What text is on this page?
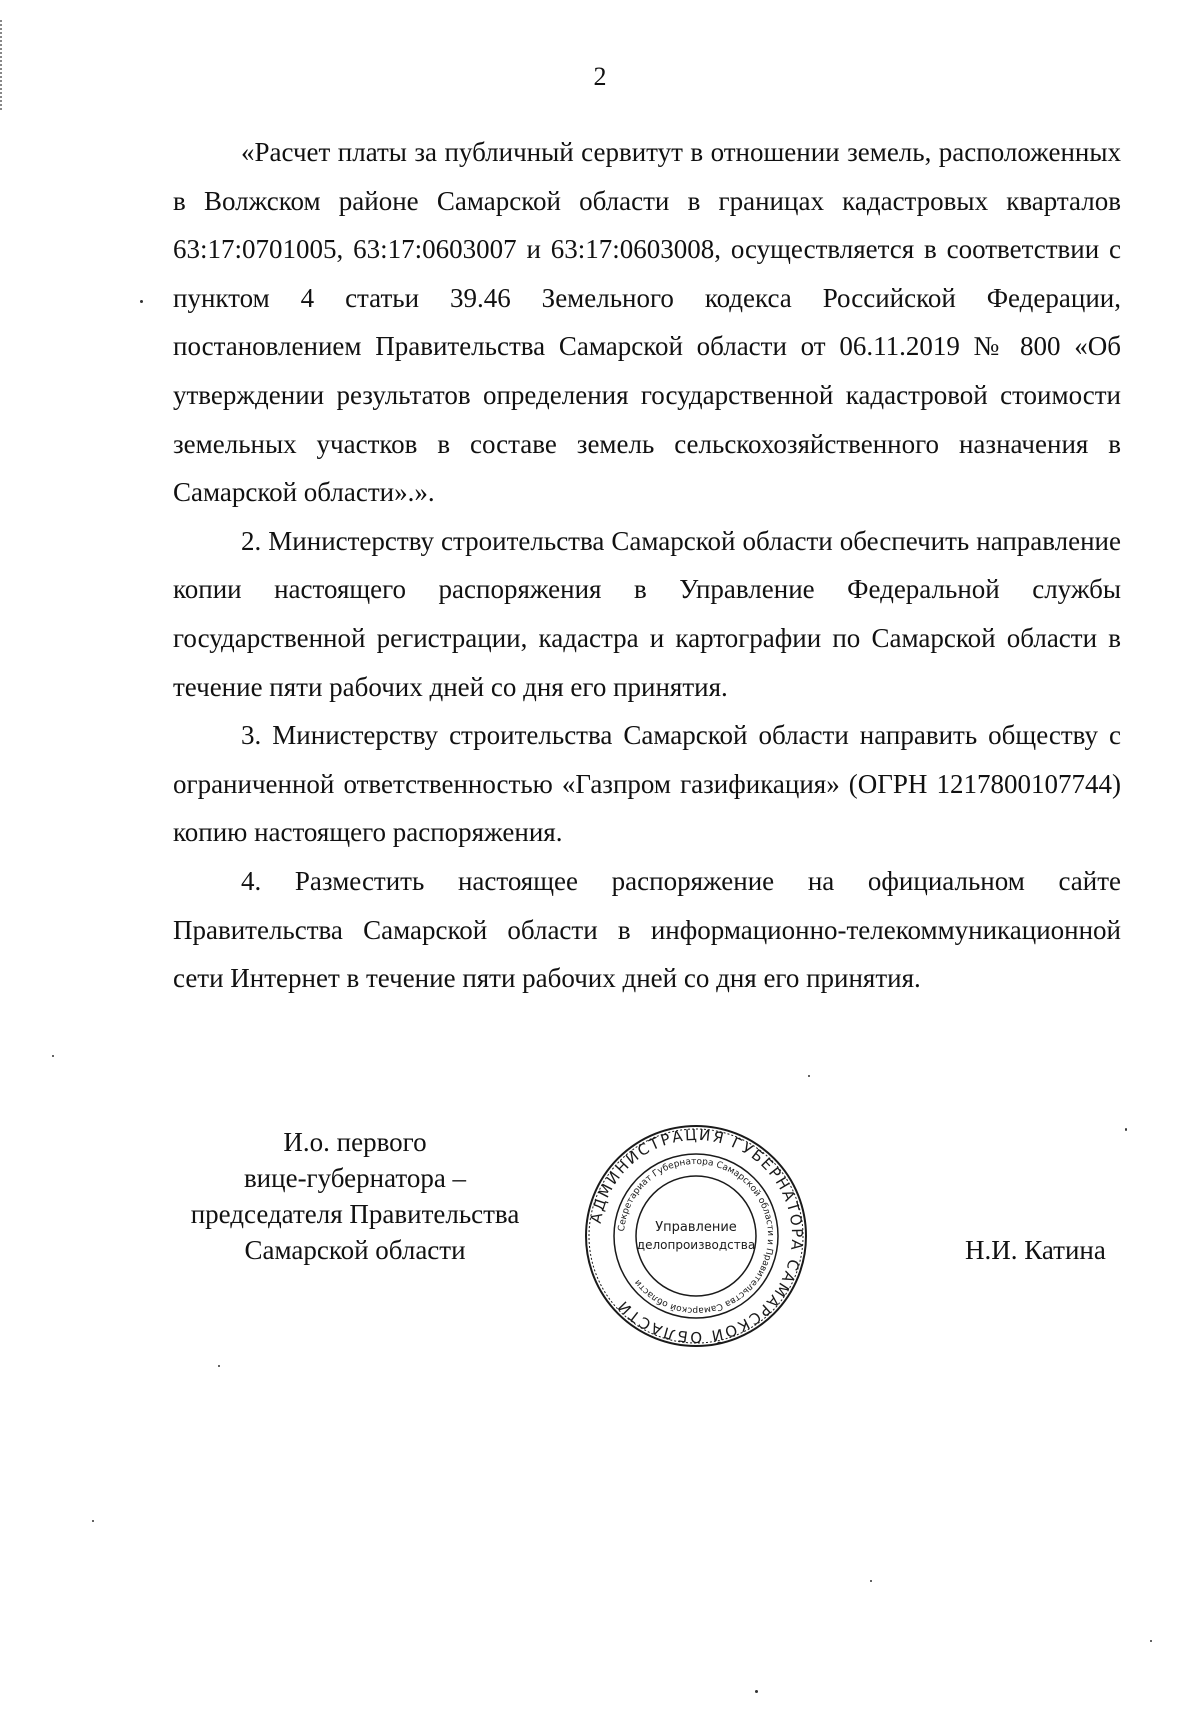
2

«Расчет платы за публичный сервитут в отношении земель, расположенных в Волжском районе Самарской области в границах кадастровых кварталов 63:17:0701005, 63:17:0603007 и 63:17:0603008, осуществляется в соответствии с пунктом 4 статьи 39.46 Земельного кодекса Российской Федерации, постановлением Правительства Самарской области от 06.11.2019 № 800 «Об утверждении результатов определения государственной кадастровой стоимости земельных участков в составе земель сельскохозяйственного назначения в Самарской области».».

2. Министерству строительства Самарской области обеспечить направление копии настоящего распоряжения в Управление Федеральной службы государственной регистрации, кадастра и картографии по Самарской области в течение пяти рабочих дней со дня его принятия.

3. Министерству строительства Самарской области направить обществу с ограниченной ответственностью «Газпром газификация» (ОГРН 1217800107744) копию настоящего распоряжения.

4. Разместить настоящее распоряжение на официальном сайте Правительства Самарской области в информационно-телекоммуникационной сети Интернет в течение пяти рабочих дней со дня его принятия.

И.о. первого
вице-губернатора –
председателя Правительства
Самарской области	Н.И. Катина
АДМИНИСТРАЦИЯ ГУБЕРНАТОРА САМАРСКОЙ ОБЛАСТИ
Секретариат Губернатора Самарской области и Правительства Самарской области
Управление
делопроизводства
